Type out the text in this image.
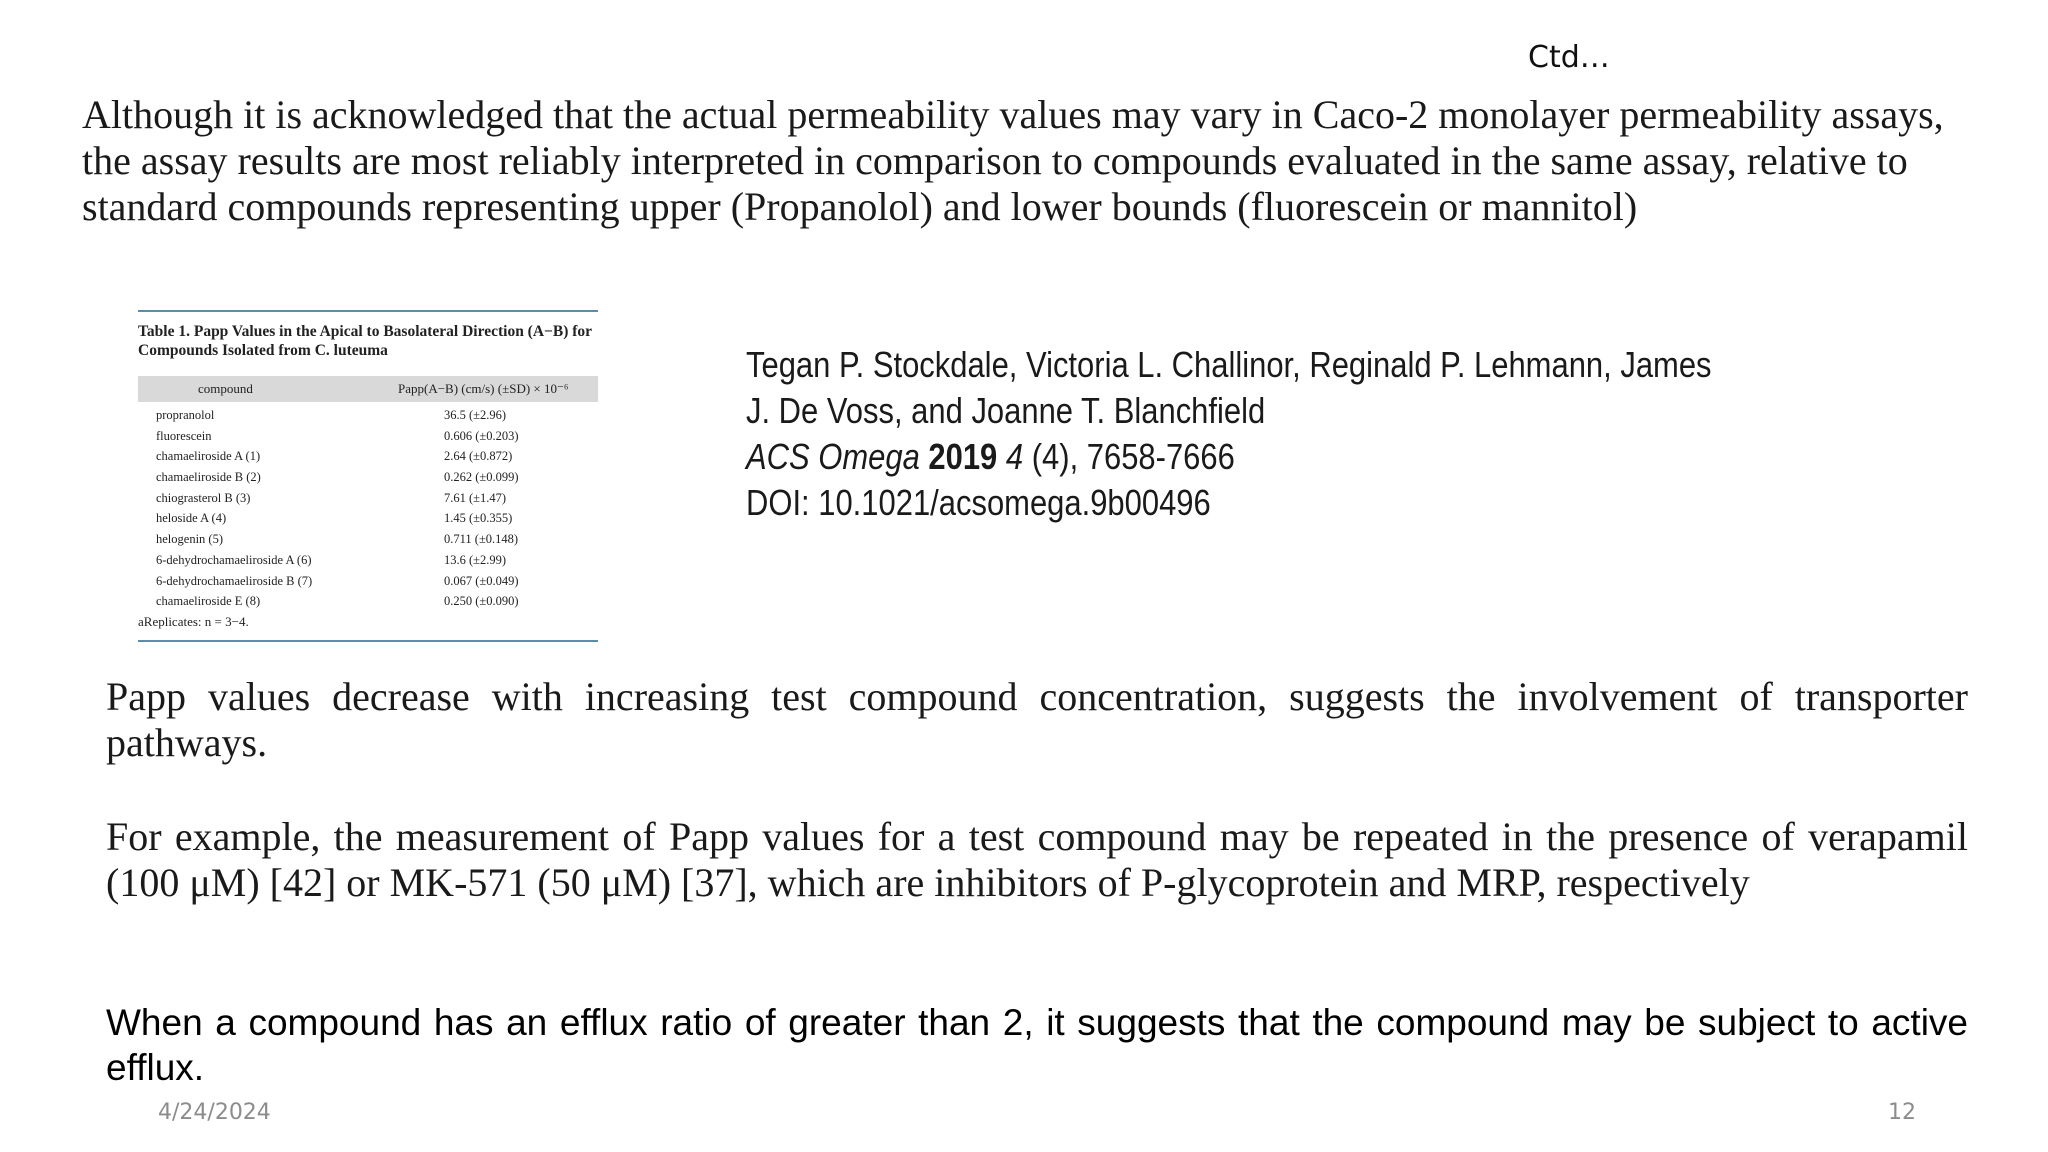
Ctd…
Although it is acknowledged that the actual permeability values may vary in Caco-2 monolayer permeability assays, the assay results are most reliably interpreted in comparison to compounds evaluated in the same assay, relative to standard compounds representing upper (Propanolol) and lower bounds (fluorescein or mannitol)
Table 1. Papp Values in the Apical to Basolateral Direction (A−B) for Compounds Isolated from C. luteuma
compound	Papp(A−B) (cm/s) (±SD) × 10⁻⁶
propranolol	36.5 (±2.96)
fluorescein	0.606 (±0.203)
chamaeliroside A (1)	2.64 (±0.872)
chamaeliroside B (2)	0.262 (±0.099)
chiograsterol B (3)	7.61 (±1.47)
heloside A (4)	1.45 (±0.355)
helogenin (5)	0.711 (±0.148)
6-dehydrochamaeliroside A (6)	13.6 (±2.99)
6-dehydrochamaeliroside B (7)	0.067 (±0.049)
chamaeliroside E (8)	0.250 (±0.090)
aReplicates: n = 3−4.
Tegan P. Stockdale, Victoria L. Challinor, Reginald P. Lehmann, James
J. De Voss, and Joanne T. Blanchfield
ACS Omega 2019 4 (4), 7658-7666
DOI: 10.1021/acsomega.9b00496
Papp values decrease with increasing test compound concentration, suggests the involvement of transporter pathways.
For example, the measurement of Papp values for a test compound may be repeated in the presence of verapamil (100 μM) [42] or MK-571 (50 μM) [37], which are inhibitors of P-glycoprotein and MRP, respectively
When a compound has an efflux ratio of greater than 2, it suggests that the compound may be subject to active efflux.
4/24/2024	12
